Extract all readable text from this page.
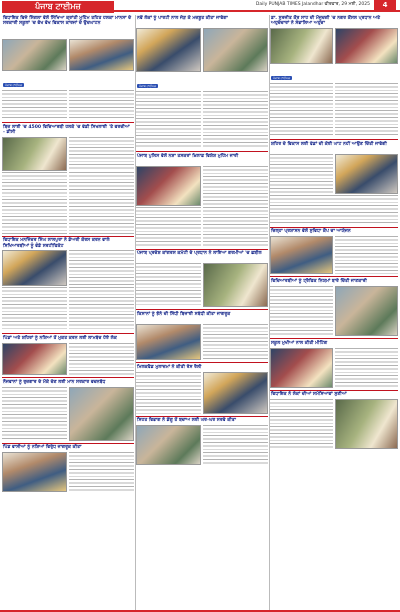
ਪੰਜਾਬ ਟਾਈਮਜ਼	Daily PUNJAB TIMES Jalandhar ਵੀਰਵਾਰ, 29 ਮਈ, 2025	4
ਵਿਧਾਇਕ ਵਿਜੇ ਸਿੰਗਲਾ ਵੱਲੋਂ ਸਿੱਖਿਆ ਕ੍ਰਾਂਤੀ ਮੁਹਿੰਮ ਤਹਿਤ ਹਲਕਾ ਮਾਨਸਾ ਦੇ ਸਰਕਾਰੀ ਸਕੂਲਾਂ 'ਚ ਵੱਖ ਵੱਖ ਵਿਕਾਸ ਕਾਰਜਾਂ ਦੇ ਉਦਘਾਟਨ
ਪੰਜਾਬ ਟਾਈਮਜ਼
ਬਿਜ਼ ਲਾਈ 'ਚ 4500 ਵਿਦਿਆਰਥੀ ਹਲਕੇ 'ਚ ਵੰਡੀ ਸਿਖਲਾਈ 'ਤੇ ਵਰਦੀਆਂ - ਡੀਸੀ
ਵਿਧਾਇਕ ਮਨਜਿੰਦਰ ਸਿੰਘ ਲਾਲਪੁਰਾ ਨੇ ਡੇਅਰੀ ਕੋਰਸ ਕਰਨ ਵਾਲੇ ਸਿਖਿਆਰਥੀਆਂ ਨੂੰ ਵੰਡੇ ਸਰਟੀਫਿਕੇਟ
ਪਿੰਡਾਂ ਅਤੇ ਸ਼ਹਿਰਾਂ ਨੂੰ ਨਸ਼ਿਆਂ ਤੋਂ ਮੁਕਤ ਕਰਨ ਲਈ ਲਾਮਬੰਦ ਹੋਏ ਲੋਕ
ਨੌਜਵਾਨਾਂ ਨੂੰ ਰੁਜ਼ਗਾਰ ਦੇ ਮੌਕੇ ਦੇਣ ਲਈ ਮਾਨ ਸਰਕਾਰ ਵਚਨਬੱਧ
ਪਿੰਡ ਵਾਸੀਆਂ ਨੂੰ ਨਸ਼ਿਆਂ ਵਿਰੁੱਧ ਜਾਗਰੂਕ ਕੀਤਾ
ਨਵੇਂ ਲੋਕਾਂ ਨੂੰ ਪਾਰਟੀ ਨਾਲ ਜੋੜ ਕੇ ਮਜ਼ਬੂਤ ਕੀਤਾ ਜਾਵੇਗਾ
ਪੰਜਾਬ ਟਾਈਮਜ਼
ਪੰਜਾਬ ਪੁਲਿਸ ਵੱਲੋਂ ਨਸ਼ਾ ਤਸਕਰਾਂ ਖ਼ਿਲਾਫ਼ ਵਿਸ਼ੇਸ਼ ਮੁਹਿੰਮ ਜਾਰੀ
ਪੰਜਾਬ ਪ੍ਰਦੇਸ਼ ਕਾਂਗਰਸ ਕਮੇਟੀ ਦੇ ਪ੍ਰਧਾਨ ਨੇ ਲਾਇਆ ਗਰਮੀਆਂ 'ਚ ਛਬੀਲ
ਕਿਸਾਨਾਂ ਨੂੰ ਝੋਨੇ ਦੀ ਸਿੱਧੀ ਬਿਜਾਈ ਸਬੰਧੀ ਕੀਤਾ ਜਾਗਰੂਕ
ਮਿਲਕਫੈਡ ਮੁਲਾਜ਼ਮਾਂ ਨੇ ਕੀਤੀ ਰੋਸ ਰੈਲੀ
ਸਿਹਤ ਵਿਭਾਗ ਨੇ ਡੇਂਗੂ ਤੋਂ ਬਚਾਅ ਲਈ ਘਰ-ਘਰ ਸਰਵੇ ਕੀਤਾ
ਡਾ. ਸੁਰਜੀਤ ਕੌਰ ਸਾਹ ਦੀ ਮੌਜੂਦਗੀ 'ਚ ਨਗਰ ਕੌਂਸਲ ਪ੍ਰਧਾਨ ਅਤੇ ਅਹੁਦੇਦਾਰਾਂ ਨੇ ਸੰਭਾਲਿਆ ਅਹੁਦਾ
ਪੰਜਾਬ ਟਾਈਮਜ਼
ਸ਼ਹਿਰ ਦੇ ਵਿਕਾਸ ਲਈ ਫੰਡਾਂ ਦੀ ਕੋਈ ਘਾਟ ਨਹੀਂ ਆਉਣ ਦਿੱਤੀ ਜਾਵੇਗੀ
ਜ਼ਿਲ੍ਹਾ ਪ੍ਰਸ਼ਾਸਨ ਵੱਲੋਂ ਸੁਵਿਧਾ ਕੈਂਪ ਦਾ ਆਯੋਜਨ
ਵਿਦਿਆਰਥੀਆਂ ਨੂੰ ਟ੍ਰੈਫਿਕ ਨਿਯਮਾਂ ਬਾਰੇ ਦਿੱਤੀ ਜਾਣਕਾਰੀ
ਸਕੂਲ ਮੁਖੀਆਂ ਨਾਲ ਕੀਤੀ ਮੀਟਿੰਗ
ਵਿਧਾਇਕ ਨੇ ਲੋਕਾਂ ਦੀਆਂ ਸਮੱਸਿਆਵਾਂ ਸੁਣੀਆਂ
